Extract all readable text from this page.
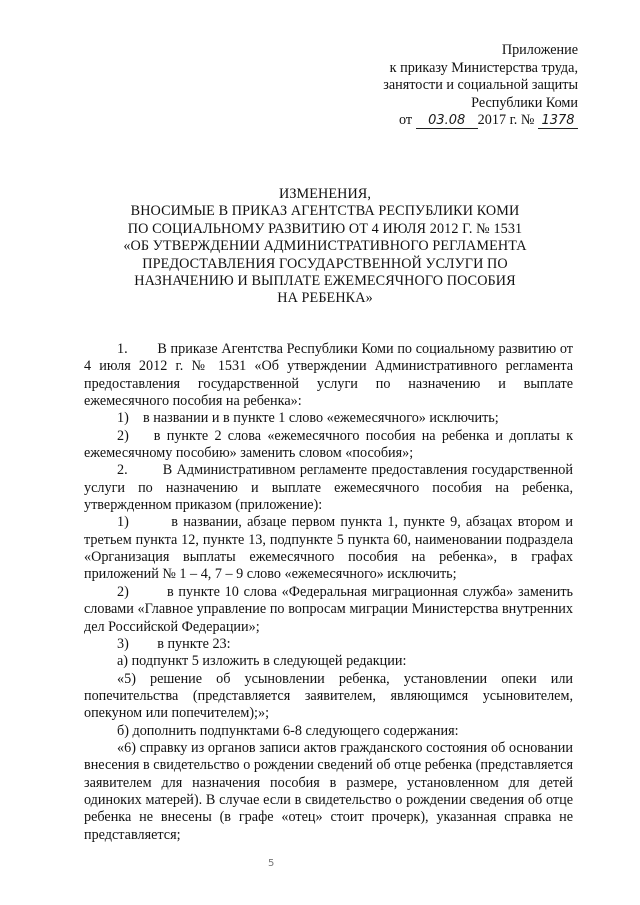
Приложение
к приказу Министерства труда,
занятости и социальной защиты
Республики Коми
от 03.08 2017 г. № 1378
ИЗМЕНЕНИЯ,
ВНОСИМЫЕ В ПРИКАЗ АГЕНТСТВА РЕСПУБЛИКИ КОМИ
ПО СОЦИАЛЬНОМУ РАЗВИТИЮ ОТ 4 ИЮЛЯ 2012 Г. № 1531
«ОБ УТВЕРЖДЕНИИ АДМИНИСТРАТИВНОГО РЕГЛАМЕНТА
ПРЕДОСТАВЛЕНИЯ ГОСУДАРСТВЕННОЙ УСЛУГИ ПО
НАЗНАЧЕНИЮ И ВЫПЛАТЕ ЕЖЕМЕСЯЧНОГО ПОСОБИЯ
НА РЕБЕНКА»

1.        В приказе Агентства Республики Коми по социальному развитию от 4 июля 2012 г. № 1531 «Об утверждении Административного регламента предоставления государственной услуги по назначению и выплате ежемесячного пособия на ребенка»:

1)    в названии и в пункте 1 слово «ежемесячного» исключить;

2)    в пункте 2 слова «ежемесячного пособия на ребенка и доплаты к ежемесячному пособию» заменить словом «пособия»;

2.        В Административном регламенте предоставления государственной услуги по назначению и выплате ежемесячного пособия на ребенка, утвержденном приказом (приложение):

1)        в названии, абзаце первом пункта 1, пункте 9, абзацах втором и третьем пункта 12, пункте 13, подпункте 5 пункта 60, наименовании подраздела «Организация выплаты ежемесячного пособия на ребенка», в графах приложений № 1 – 4, 7 – 9 слово «ежемесячного» исключить;

2)        в пункте 10 слова «Федеральная миграционная служба» заменить словами «Главное управление по вопросам миграции Министерства внутренних дел Российской Федерации»;

3)        в пункте 23:

а) подпункт 5 изложить в следующей редакции:

«5) решение об усыновлении ребенка, установлении опеки или попечительства (представляется заявителем, являющимся усыновителем, опекуном или попечителем);»;

б) дополнить подпунктами 6-8 следующего содержания:

«6) справку из органов записи актов гражданского состояния об основании внесения в свидетельство о рождении сведений об отце ребенка (представляется заявителем для назначения пособия в размере, установленном для детей одиноких матерей). В случае если в свидетельство о рождении сведения об отце ребенка не внесены (в графе «отец» стоит прочерк), указанная справка не представляется;

5
